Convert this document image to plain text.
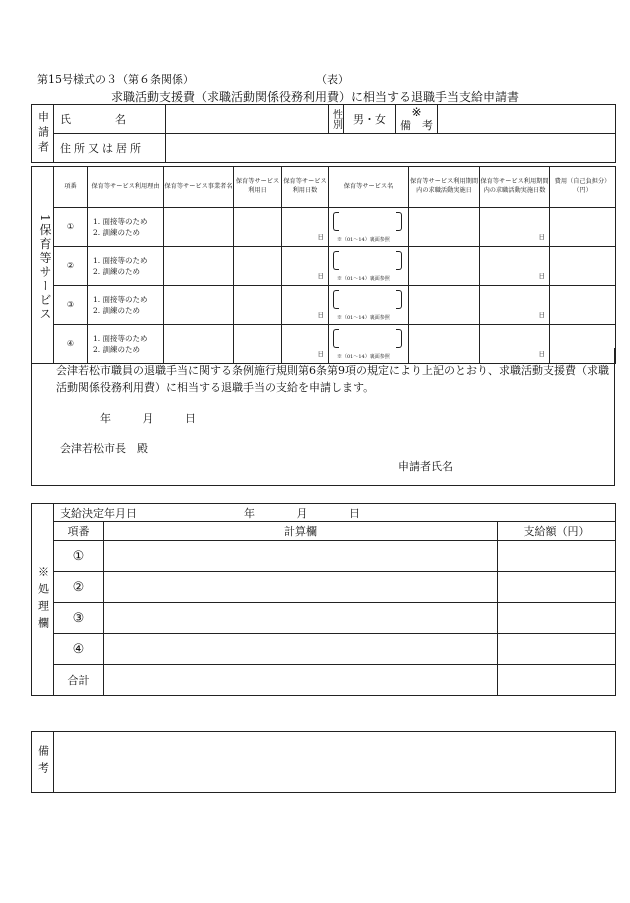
第15号様式の３（第６条関係）	（表）
求職活動支援費（求職活動関係役務利用費）に相当する退職手当支給申請書
申請者	氏　　　　名		性別	男・女	※
備　考	

	住所又は居所					
1保育等サービス	項番	保育等サービス利用理由	保育等サービス事業者名	保育等サービス利用日	保育等サービス利用日数	保育等サービス名	保育等サービス利用期間内の求職活動実施日	保育等サービス利用期間内の求職活動実施日数	費用（自己負担分）（円）
	①	1. 面接等のため
2. 訓練のため			日	※（01～14）裏面参照		日	
	②	1. 面接等のため
2. 訓練のため			日	※（01～14）裏面参照		日	
	③	1. 面接等のため
2. 訓練のため			日	※（01～14）裏面参照		日	
	④	1. 面接等のため
2. 訓練のため			日	※（01～14）裏面参照		日	
会津若松市職員の退職手当に関する条例施行規則第6条第9項の規定により上記のとおり、求職活動支援費（求職活動関係役務利用費）に相当する退職手当の支給を申請します。
年 月 日
会津若松市長　殿
申請者氏名
※処理欄	支給決定年月日 年 月 日		
	項番	計算欄	支給額（円）
	①		
	②		
	③		
	④		
	合計		
備考	
